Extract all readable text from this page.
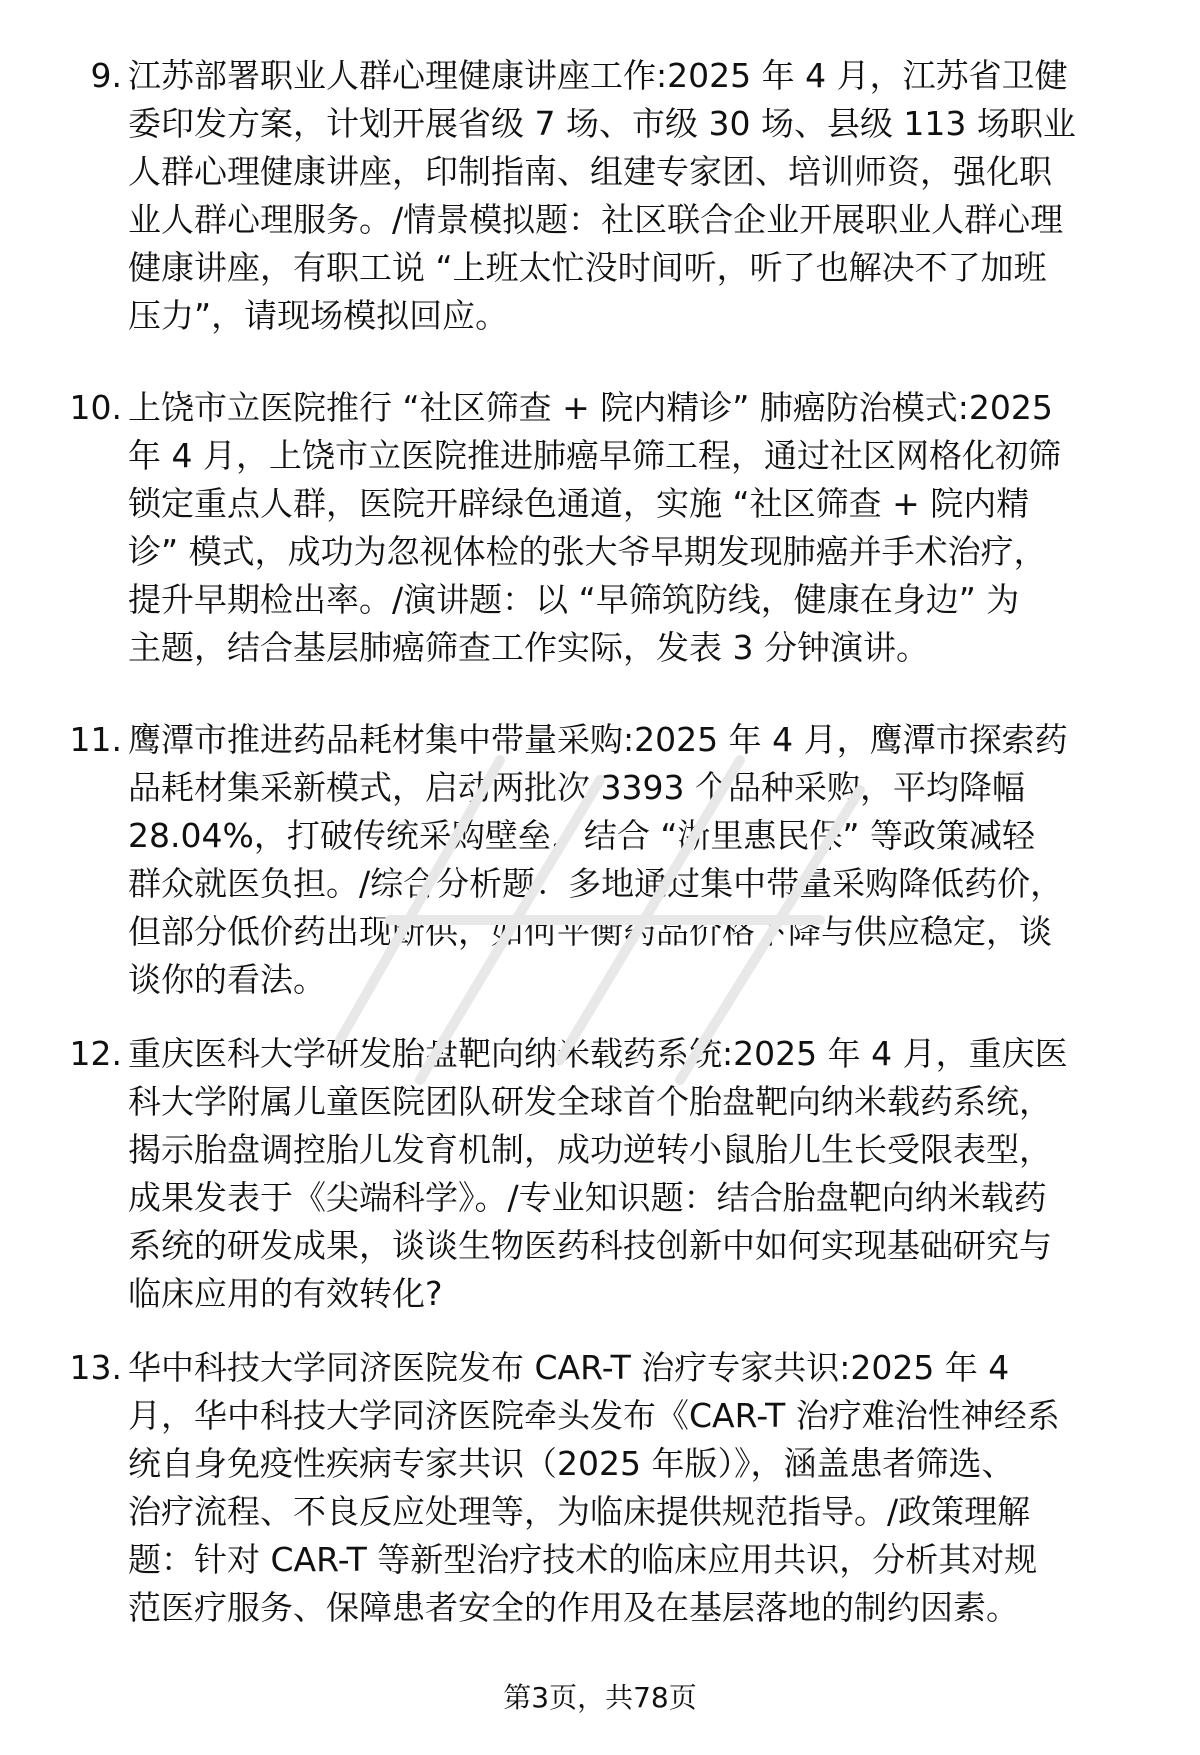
9. 江苏部署职业人群心理健康讲座工作:2025 年 4 月，江苏省卫健
委印发方案，计划开展省级 7 场、市级 30 场、县级 113 场职业
人群心理健康讲座，印制指南、组建专家团、培训师资，强化职
业人群心理服务。/情景模拟题：社区联合企业开展职业人群心理
健康讲座，有职工说 “上班太忙没时间听，听了也解决不了加班
压力”，请现场模拟回应。
10. 上饶市立医院推行 “社区筛查 + 院内精诊” 肺癌防治模式:2025
年 4 月，上饶市立医院推进肺癌早筛工程，通过社区网格化初筛
锁定重点人群，医院开辟绿色通道，实施 “社区筛查 + 院内精
诊” 模式，成功为忽视体检的张大爷早期发现肺癌并手术治疗，
提升早期检出率。/演讲题：以 “早筛筑防线，健康在身边” 为
主题，结合基层肺癌筛查工作实际，发表 3 分钟演讲。
11. 鹰潭市推进药品耗材集中带量采购:2025 年 4 月，鹰潭市探索药
品耗材集采新模式，启动两批次 3393 个品种采购，平均降幅
28.04%，打破传统采购壁垒，结合 “浙里惠民保” 等政策减轻
群众就医负担。/综合分析题：多地通过集中带量采购降低药价，
但部分低价药出现断供，如何平衡药品价格下降与供应稳定，谈
谈你的看法。
12. 重庆医科大学研发胎盘靶向纳米载药系统:2025 年 4 月，重庆医
科大学附属儿童医院团队研发全球首个胎盘靶向纳米载药系统，
揭示胎盘调控胎儿发育机制，成功逆转小鼠胎儿生长受限表型，
成果发表于《尖端科学》。/专业知识题：结合胎盘靶向纳米载药
系统的研发成果，谈谈生物医药科技创新中如何实现基础研究与
临床应用的有效转化?
13. 华中科技大学同济医院发布 CAR-T 治疗专家共识:2025 年 4
月，华中科技大学同济医院牵头发布《CAR-T 治疗难治性神经系
统自身免疫性疾病专家共识（2025 年版）》，涵盖患者筛选、
治疗流程、不良反应处理等，为临床提供规范指导。/政策理解
题：针对 CAR-T 等新型治疗技术的临床应用共识，分析其对规
范医疗服务、保障患者安全的作用及在基层落地的制约因素。
第3页，共78页
